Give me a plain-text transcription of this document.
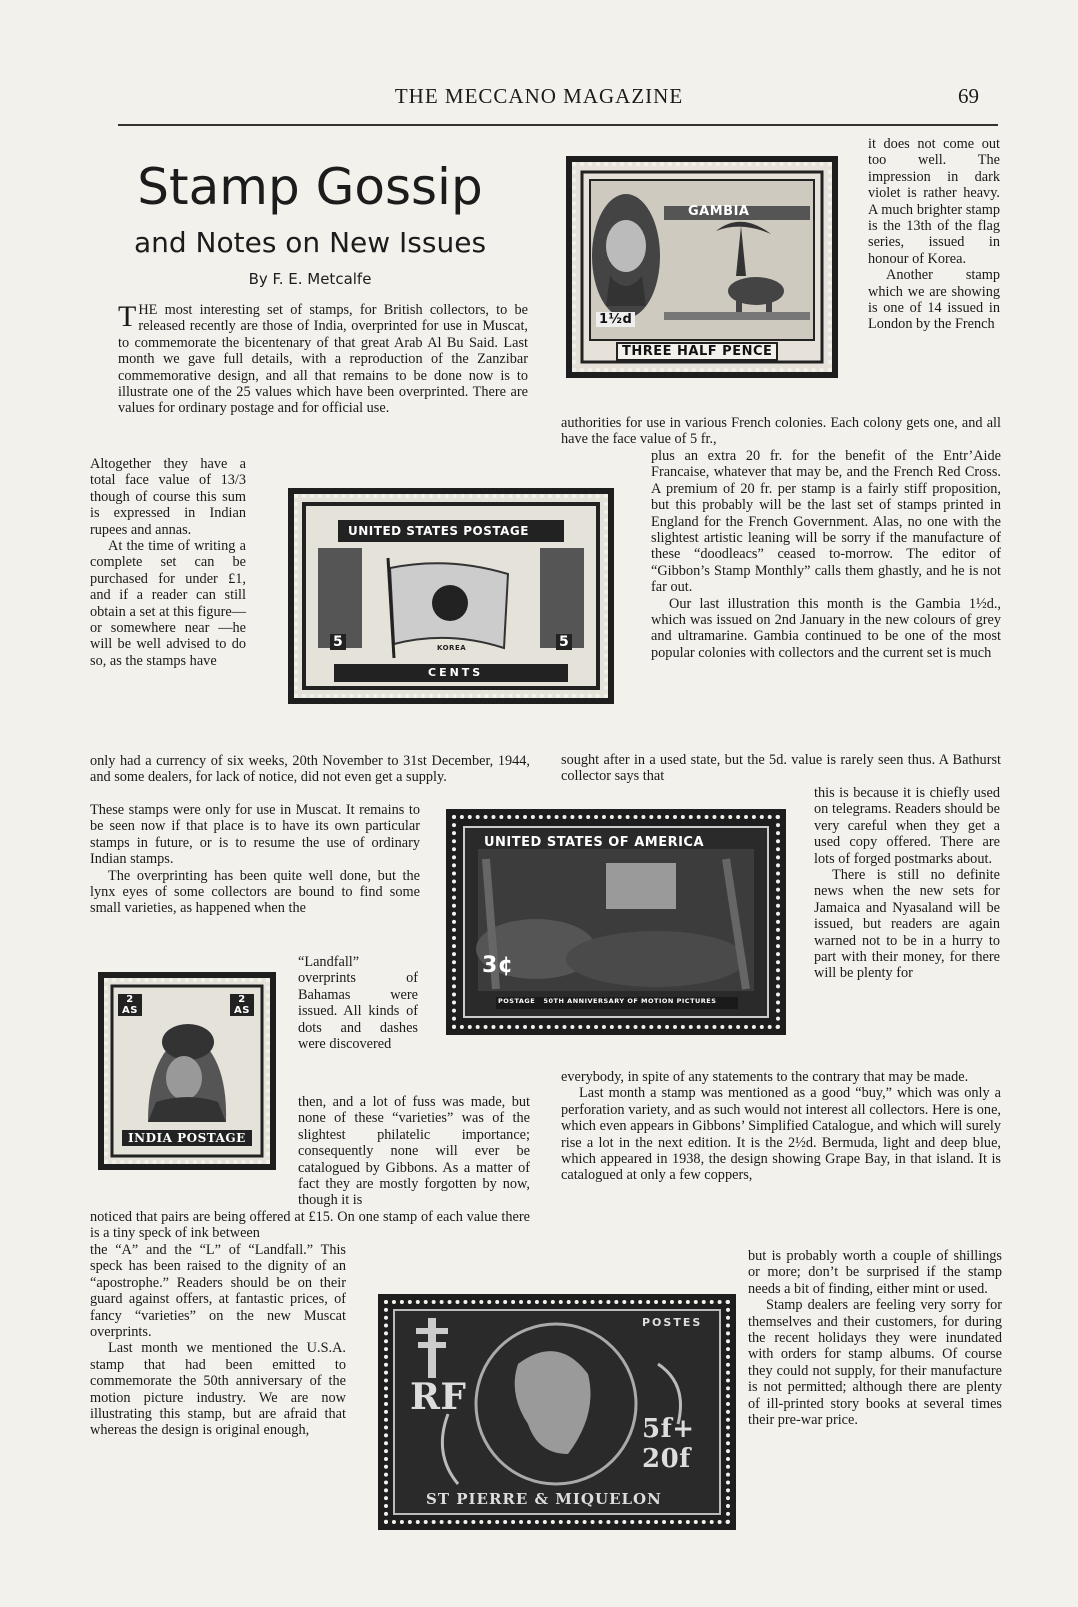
THE MECCANO MAGAZINE	69
Stamp Gossip
and Notes on New Issues
By F. E. Metcalfe

THE most interesting set of stamps, for British collectors, to be released recently are those of India, overprinted for use in Muscat, to commemorate the bicentenary of that great Arab Al Bu Said. Last month we gave full details, with a reproduction of the Zanzibar commemorative design, and all that remains to be done now is to illustrate one of the 25 values which have been overprinted. There are values for ordinary postage and for official use.

Altogether they have a total face value of 13/3 though of course this sum is expressed in Indian rupees and annas.

At the time of writing a complete set can be purchased for under £1, and if a reader can still obtain a set at this figure— or somewhere near —he will be well advised to do so, as the stamps have

only had a currency of six weeks, 20th November to 31st December, 1944, and some dealers, for lack of notice, did not even get a supply.

These stamps were only for use in Muscat. It remains to be seen now if that place is to have its own particular stamps in future, or is to resume the use of ordinary Indian stamps.

The overprinting has been quite well done, but the lynx eyes of some collectors are bound to find some small varieties, as happened when the

“Landfall” overprints of Bahamas were issued. All kinds of dots and dashes were discovered

then, and a lot of fuss was made, but none of these “varieties” was of the slightest philatelic importance; consequently none will ever be catalogued by Gibbons. As a matter of fact they are mostly forgotten by now, though it is

noticed that pairs are being offered at £15. On one stamp of each value there is a tiny speck of ink between

the “A” and the “L” of “Landfall.” This speck has been raised to the dignity of an “apostrophe.” Readers should be on their guard against offers, at fantastic prices, of fancy “varieties” on the new Muscat overprints.

Last month we mentioned the U.S.A. stamp that had been emitted to commemorate the 50th anniversary of the motion picture industry. We are now illustrating this stamp, but are afraid that whereas the design is original enough,

it does not come out too well. The impression in dark violet is rather heavy. A much brighter stamp is the 13th of the flag series, issued in honour of Korea.

Another stamp which we are showing is one of 14 issued in London by the French

authorities for use in various French colonies. Each colony gets one, and all have the face value of 5 fr.,

plus an extra 20 fr. for the benefit of the Entr’Aide Francaise, whatever that may be, and the French Red Cross. A premium of 20 fr. per stamp is a fairly stiff proposition, but this probably will be the last set of stamps printed in England for the French Government. Alas, no one with the slightest artistic leaning will be sorry if the manufacture of these “doodleacs” ceased to-morrow. The editor of “Gibbon’s Stamp Monthly” calls them ghastly, and he is not far out.

Our last illustration this month is the Gambia 1½d., which was issued on 2nd January in the new colours of grey and ultramarine. Gambia continued to be one of the most popular colonies with collectors and the current set is much

sought after in a used state, but the 5d. value is rarely seen thus. A Bathurst collector says that

this is because it is chiefly used on telegrams. Readers should be very careful when they get a used copy offered. There are lots of forged postmarks about.

There is still no definite news when the new sets for Jamaica and Nyasaland will be issued, but readers are again warned not to be in a hurry to part with their money, for there will be plenty for

everybody, in spite of any statements to the contrary that may be made.

Last month a stamp was mentioned as a good “buy,” which was only a perforation variety, and as such would not interest all collectors. Here is one, which even appears in Gibbons’ Simplified Catalogue, and which will surely rise a lot in the next edition. It is the 2½d. Bermuda, light and deep blue, which appeared in 1938, the design showing Grape Bay, in that island. It is catalogued at only a few coppers,

but is probably worth a couple of shillings or more; don’t be surprised if the stamp needs a bit of finding, either mint or used.

Stamp dealers are feeling very sorry for themselves and their customers, for during the recent holidays they were inundated with orders for stamp albums. Of course they could not supply, for their manufacture is not permitted; although there are plenty of ill-printed story books at several times their pre-war price.

GAMBIA
1½d
THREE HALF PENCE
UNITED STATES POSTAGE
KOREA
5	5
CENTS
UNITED STATES OF AMERICA
3¢
POSTAGE   50TH ANNIVERSARY OF MOTION PICTURES
2 AS
2 AS
INDIA POSTAGE
POSTES
RF
5f+ 20f
ST PIERRE & MIQUELON
